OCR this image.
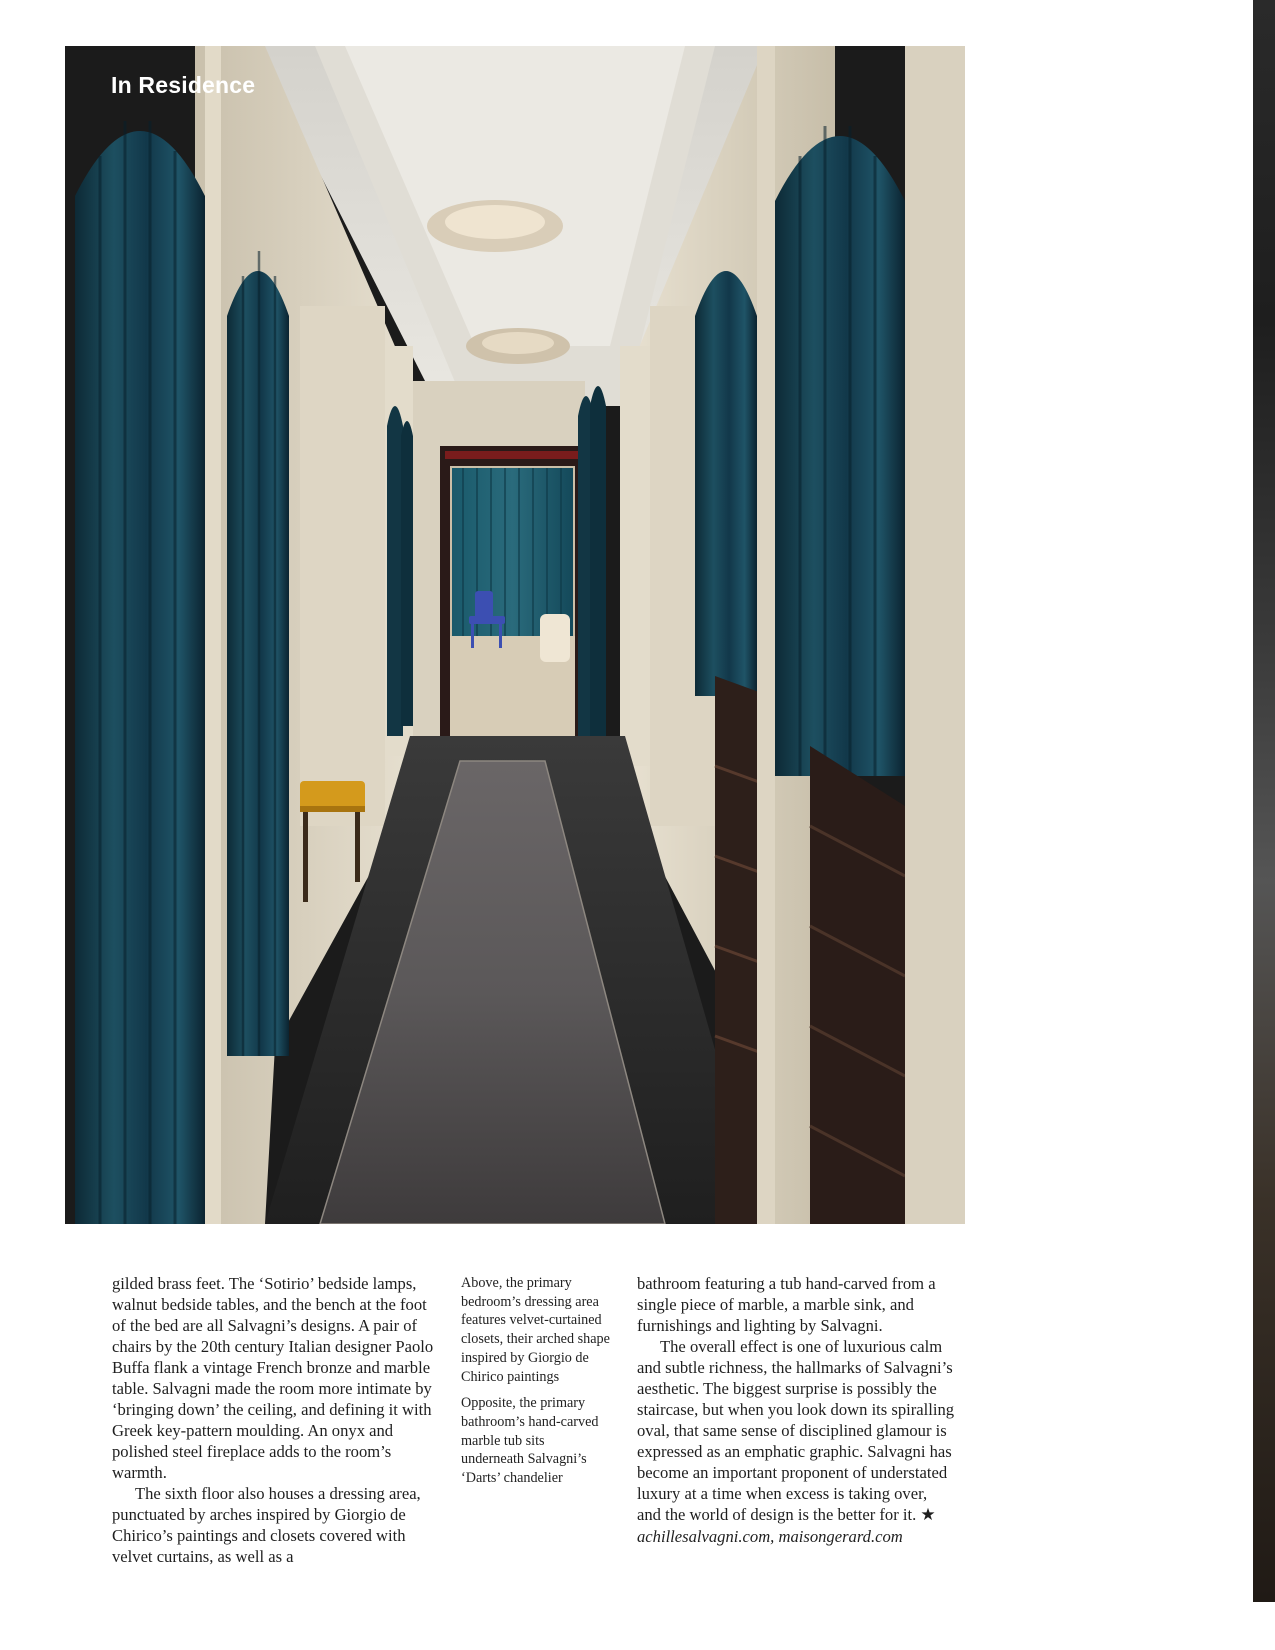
In Residence

gilded brass feet. The ‘Sotirio’ bedside lamps, walnut bedside tables, and the bench at the foot of the bed are all Salvagni’s designs. A pair of chairs by the 20th century Italian designer Paolo Buffa flank a vintage French bronze and marble table. Salvagni made the room more intimate by ‘bringing down’ the ceiling, and defining it with Greek key-pattern moulding. An onyx and polished steel fireplace adds to the room’s warmth.

The sixth floor also houses a dressing area, punctuated by arches inspired by Giorgio de Chirico’s paintings and closets covered with velvet curtains, as well as a

Above, the primary bedroom’s dressing area features velvet-curtained closets, their arched shape inspired by Giorgio de Chirico paintings

Opposite, the primary bathroom’s hand-carved marble tub sits underneath Salvagni’s ‘Darts’ chandelier

bathroom featuring a tub hand-carved from a single piece of marble, a marble sink, and furnishings and lighting by Salvagni.

The overall effect is one of luxurious calm and subtle richness, the hallmarks of Salvagni’s aesthetic. The biggest surprise is possibly the staircase, but when you look down its spiralling oval, that same sense of disciplined glamour is expressed as an emphatic graphic. Salvagni has become an important proponent of understated luxury at a time when excess is taking over, and the world of design is the better for it. ★

achillesalvagni.com, maisongerard.com
